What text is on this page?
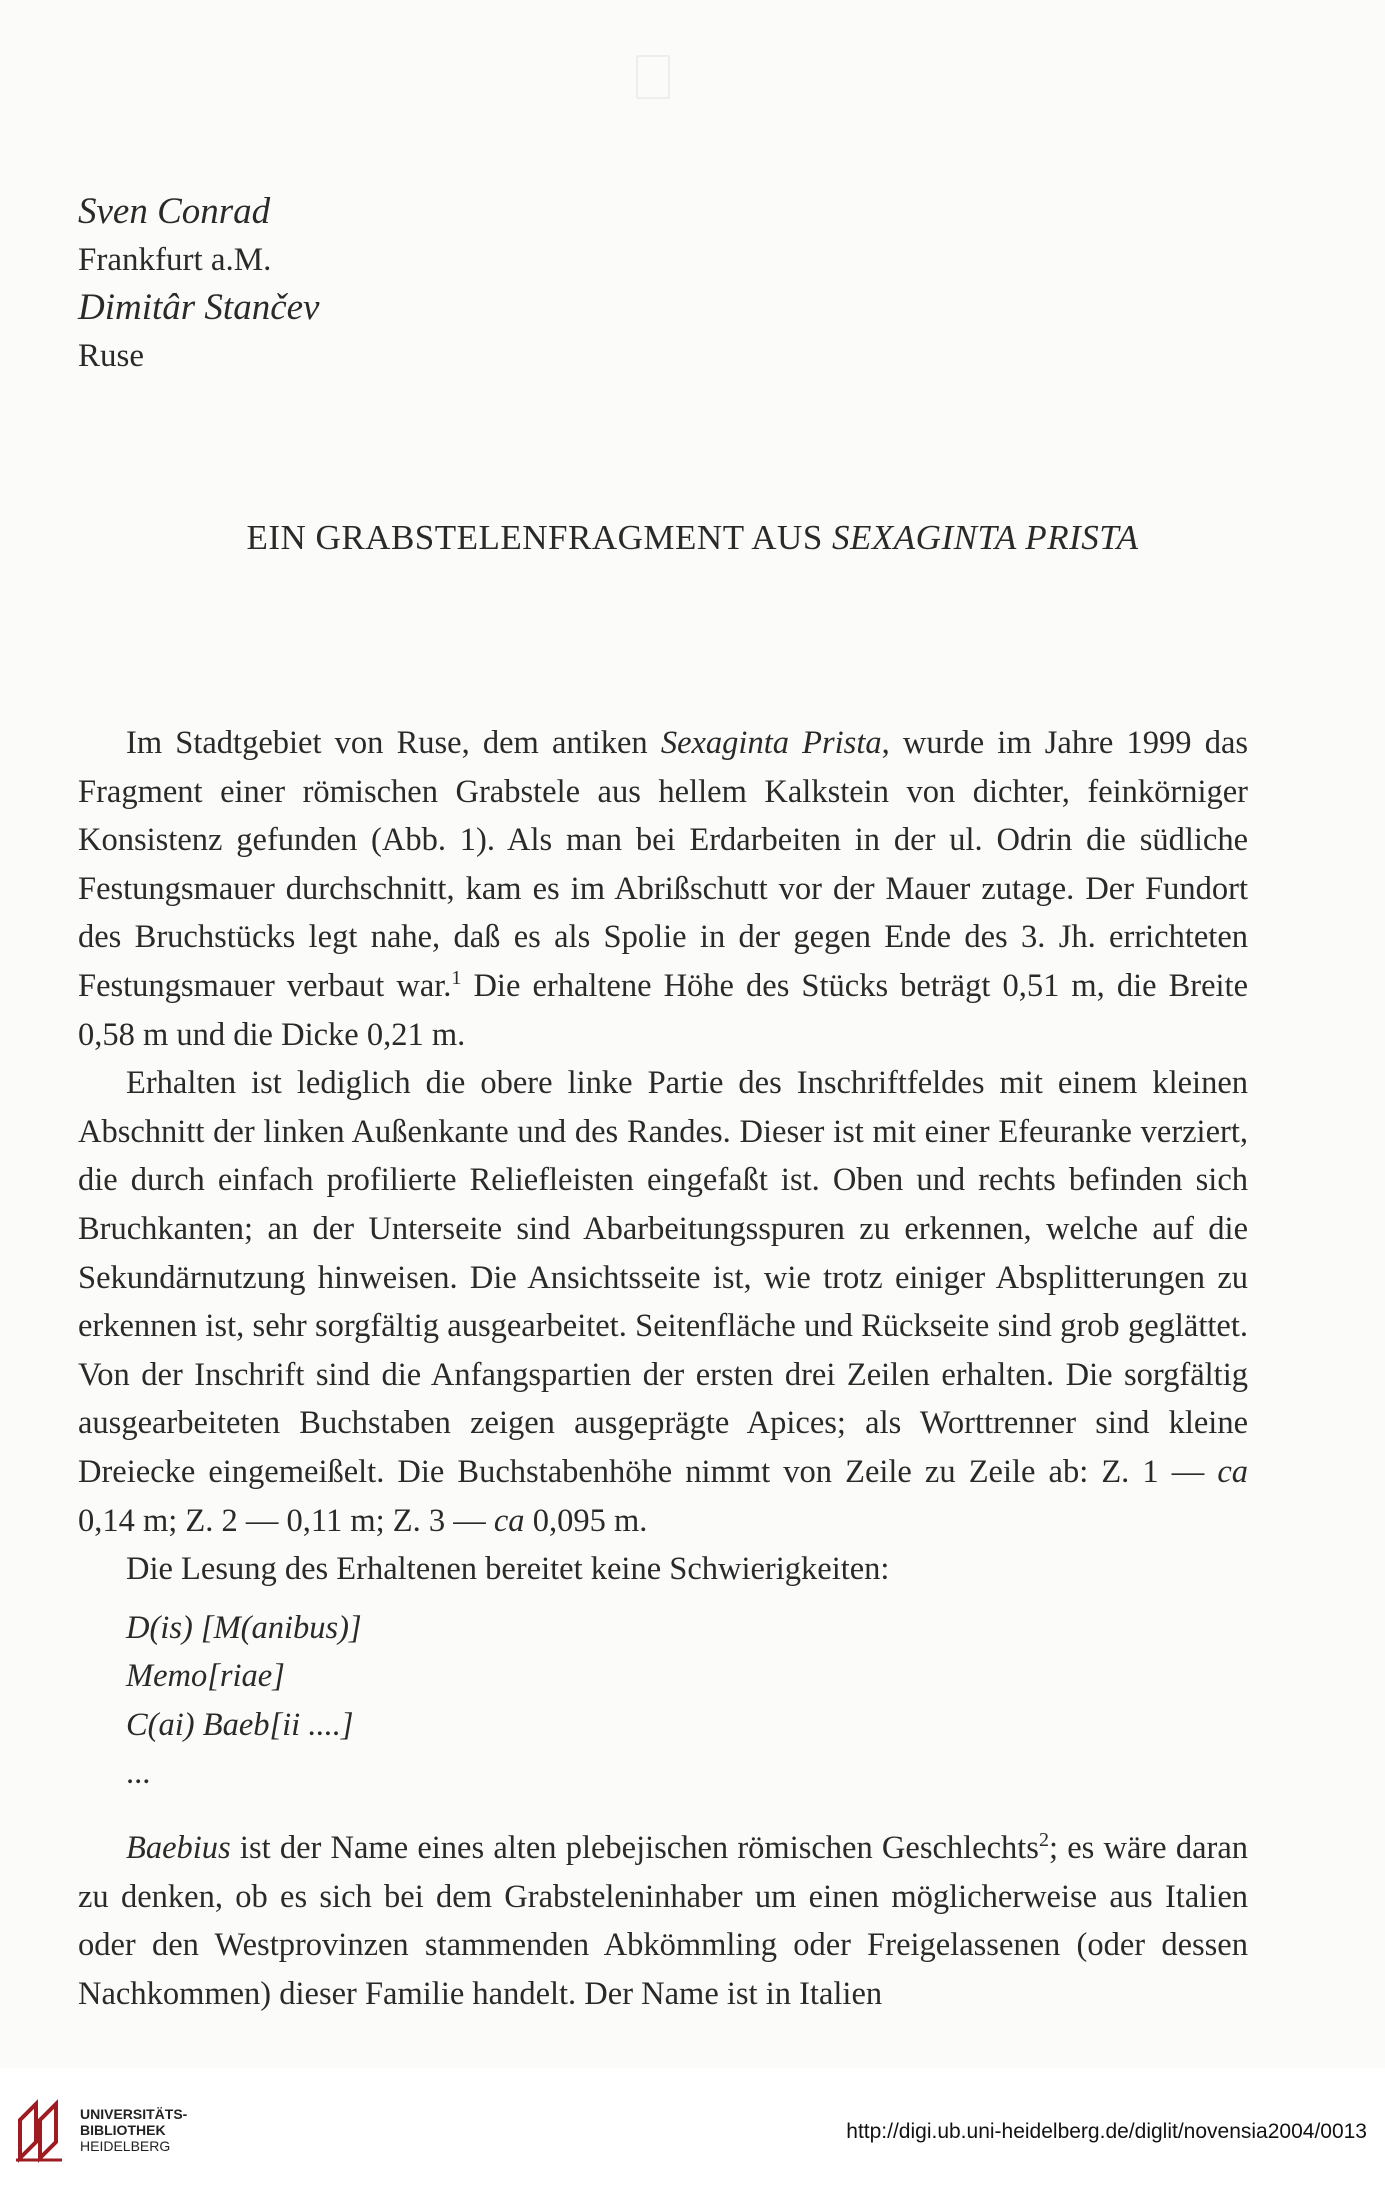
Sven Conrad
Frankfurt a.M.
Dimitâr Stančev
Ruse
EIN GRABSTELENFRAGMENT AUS SEXAGINTA PRISTA

Im Stadtgebiet von Ruse, dem antiken Sexaginta Prista, wurde im Jahre 1999 das Fragment einer römischen Grabstele aus hellem Kalkstein von dichter, feinkörniger Konsistenz gefunden (Abb. 1). Als man bei Erdarbeiten in der ul. Odrin die südliche Festungsmauer durchschnitt, kam es im Abrißschutt vor der Mauer zutage. Der Fundort des Bruchstücks legt nahe, daß es als Spolie in der gegen Ende des 3. Jh. errichteten Festungsmauer verbaut war.$^1$ Die erhaltene Höhe des Stücks beträgt 0,51 m, die Breite 0,58 m und die Dicke 0,21 m.

Erhalten ist lediglich die obere linke Partie des Inschriftfeldes mit einem kleinen Abschnitt der linken Außenkante und des Randes. Dieser ist mit einer Efeuranke verziert, die durch einfach profilierte Reliefleisten eingefaßt ist. Oben und rechts befinden sich Bruchkanten; an der Unterseite sind Abarbeitungsspuren zu erkennen, welche auf die Sekundärnutzung hinweisen. Die Ansichtsseite ist, wie trotz einiger Absplitterungen zu erkennen ist, sehr sorgfältig ausgearbeitet. Seitenfläche und Rückseite sind grob geglättet. Von der Inschrift sind die Anfangspartien der ersten drei Zeilen erhalten. Die sorgfältig ausgearbeiteten Buchstaben zeigen ausgeprägte Apices; als Worttrenner sind kleine Dreiecke eingemeißelt. Die Buchstabenhöhe nimmt von Zeile zu Zeile ab: Z. 1 — ca 0,14 m; Z. 2 — 0,11 m; Z. 3 — ca 0,095 m.

Die Lesung des Erhaltenen bereitet keine Schwierigkeiten:

D(is) [M(anibus)]
Memo[riae]
C(ai) Baeb[ii ....]
...

Baebius ist der Name eines alten plebejischen römischen Geschlechts$^2$; es wäre daran zu denken, ob es sich bei dem Grabsteleninhaber um einen möglicherweise aus Italien oder den Westprovinzen stammenden Abkömmling oder Freigelassenen (oder dessen Nachkommen) dieser Familie handelt. Der Name ist in Italien

UNIVERSITÄTS-
BIBLIOTHEK
HEIDELBERG
http://digi.ub.uni-heidelberg.de/diglit/novensia2004/0013
